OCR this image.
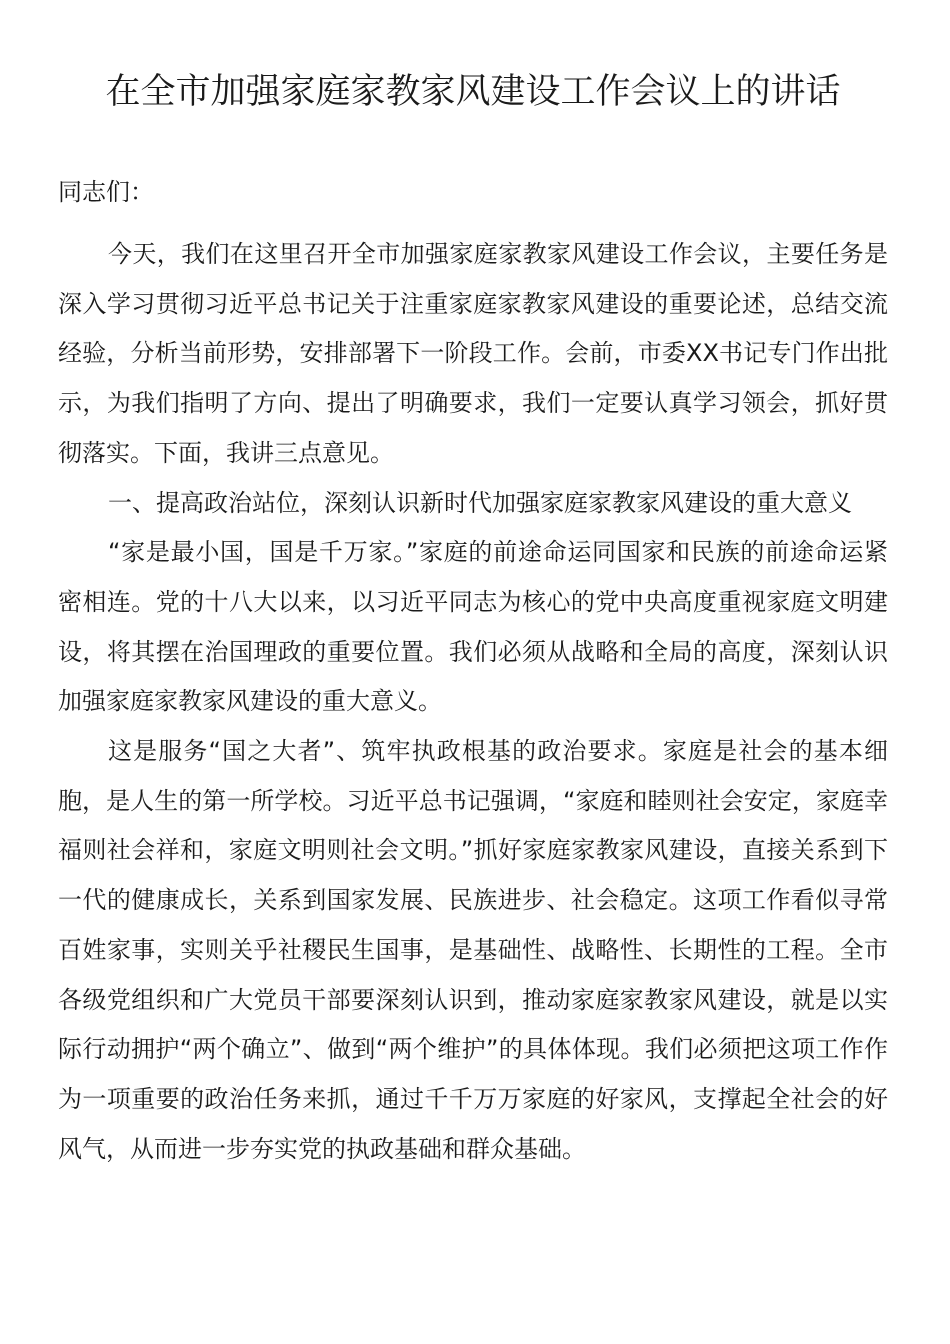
在全市加强家庭家教家风建设工作会议上的讲话
同志们：

今天，我们在这里召开全市加强家庭家教家风建设工作会议，主要任务是深入学习贯彻习近平总书记关于注重家庭家教家风建设的重要论述，总结交流经验，分析当前形势，安排部署下一阶段工作。会前，市委XX书记专门作出批示，为我们指明了方向、提出了明确要求，我们一定要认真学习领会，抓好贯彻落实。下面，我讲三点意见。

一、提高政治站位，深刻认识新时代加强家庭家教家风建设的重大意义

“家是最小国，国是千万家。”家庭的前途命运同国家和民族的前途命运紧密相连。党的十八大以来，以习近平同志为核心的党中央高度重视家庭文明建设，将其摆在治国理政的重要位置。我们必须从战略和全局的高度，深刻认识加强家庭家教家风建设的重大意义。

这是服务“国之大者”、筑牢执政根基的政治要求。家庭是社会的基本细胞，是人生的第一所学校。习近平总书记强调，“家庭和睦则社会安定，家庭幸福则社会祥和，家庭文明则社会文明。”抓好家庭家教家风建设，直接关系到下一代的健康成长，关系到国家发展、民族进步、社会稳定。这项工作看似寻常百姓家事，实则关乎社稷民生国事，是基础性、战略性、长期性的工程。全市各级党组织和广大党员干部要深刻认识到，推动家庭家教家风建设，就是以实际行动拥护“两个确立”、做到“两个维护”的具体体现。我们必须把这项工作作为一项重要的政治任务来抓，通过千千万万家庭的好家风，支撑起全社会的好风气，从而进一步夯实党的执政基础和群众基础。
